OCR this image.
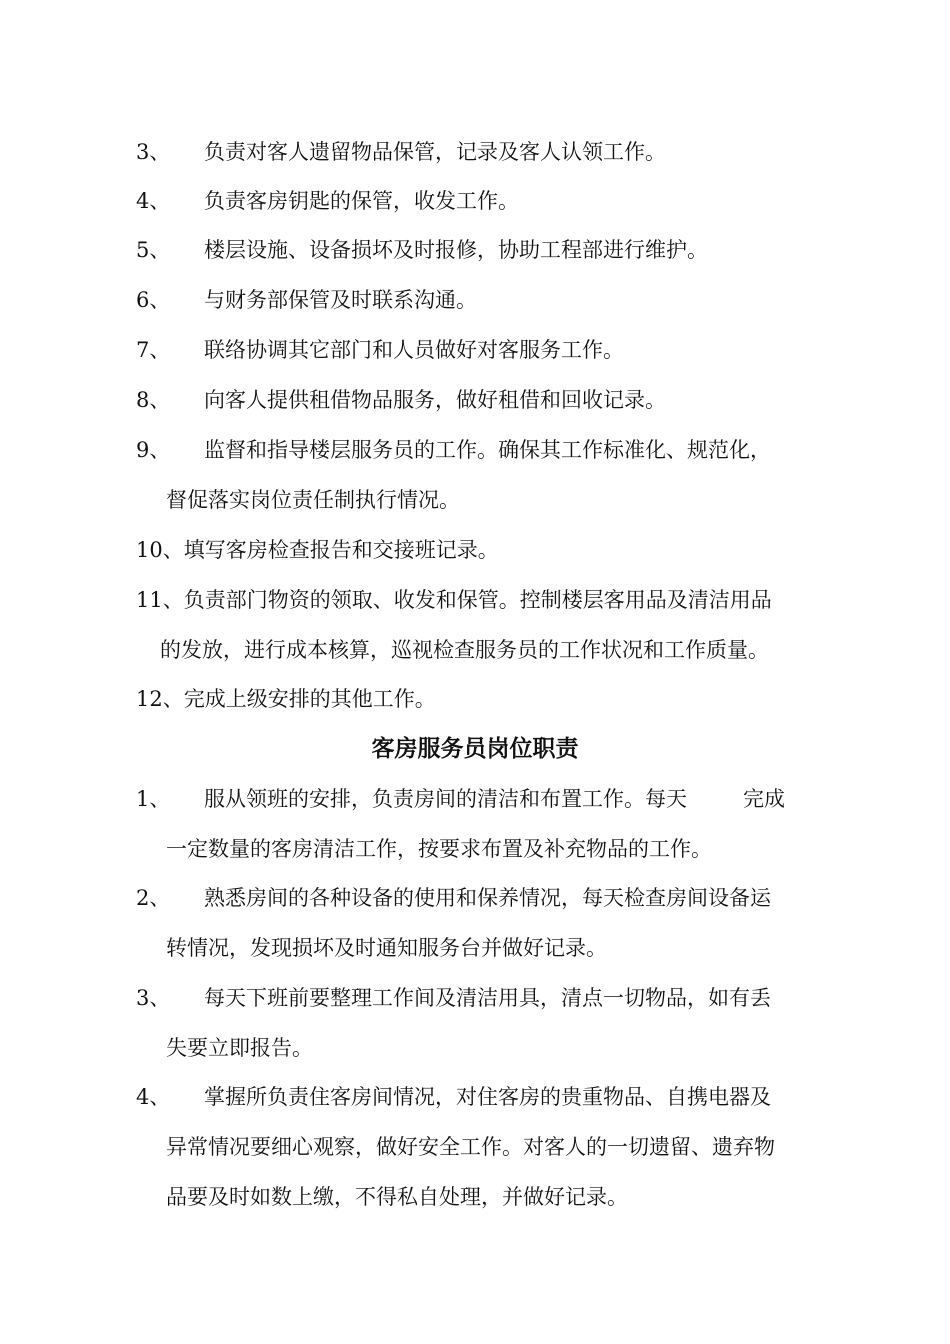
3、	负责对客人遗留物品保管，记录及客人认领工作。
4、	负责客房钥匙的保管，收发工作。
5、	楼层设施、设备损坏及时报修，协助工程部进行维护。
6、	与财务部保管及时联系沟通。
7、	联络协调其它部门和人员做好对客服务工作。
8、	向客人提供租借物品服务，做好租借和回收记录。
9、	监督和指导楼层服务员的工作。确保其工作标准化、规范化，
督促落实岗位责任制执行情况。
10、填写客房检查报告和交接班记录。
11、负责部门物资的领取、收发和保管。控制楼层客用品及清洁用品
的发放，进行成本核算，巡视检查服务员的工作状况和工作质量。
12、完成上级安排的其他工作。
客房服务员岗位职责
1、	服从领班的安排，负责房间的清洁和布置工作。每天	完成
一定数量的客房清洁工作，按要求布置及补充物品的工作。
2、	熟悉房间的各种设备的使用和保养情况，每天检查房间设备运
转情况，发现损坏及时通知服务台并做好记录。
3、	每天下班前要整理工作间及清洁用具，清点一切物品，如有丢
失要立即报告。
4、	掌握所负责住客房间情况，对住客房的贵重物品、自携电器及
异常情况要细心观察，做好安全工作。对客人的一切遗留、遗弃物
品要及时如数上缴，不得私自处理，并做好记录。
